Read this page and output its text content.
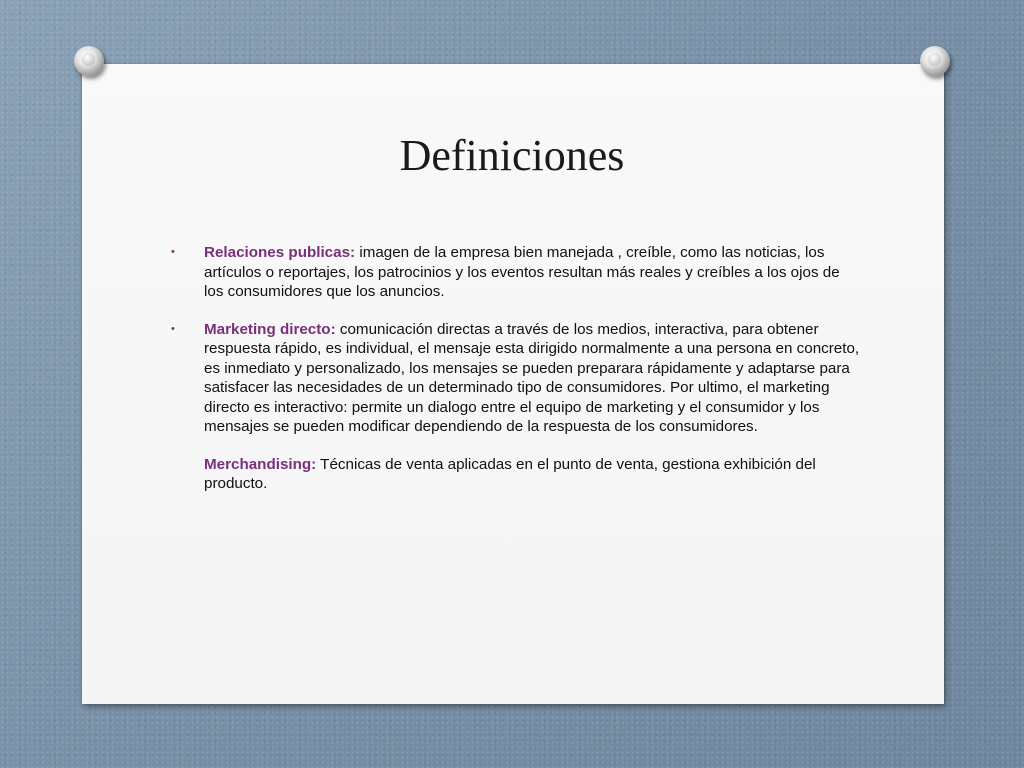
Definiciones
• Relaciones publicas: imagen de la empresa bien manejada , creíble, como las noticias, los artículos o reportajes, los patrocinios y los eventos resultan más reales y creíbles a los ojos de los consumidores que los anuncios.
• Marketing directo: comunicación directas a través de los medios, interactiva, para obtener respuesta rápido, es individual, el mensaje esta dirigido normalmente a una persona en concreto, es inmediato y personalizado, los mensajes se pueden preparara rápidamente y adaptarse para satisfacer las necesidades de un determinado tipo de consumidores. Por ultimo, el marketing directo es interactivo: permite un dialogo entre el equipo de marketing y el consumidor y los mensajes se pueden modificar dependiendo de la respuesta de los consumidores.
Merchandising: Técnicas de venta aplicadas en el punto de venta, gestiona exhibición del producto.
